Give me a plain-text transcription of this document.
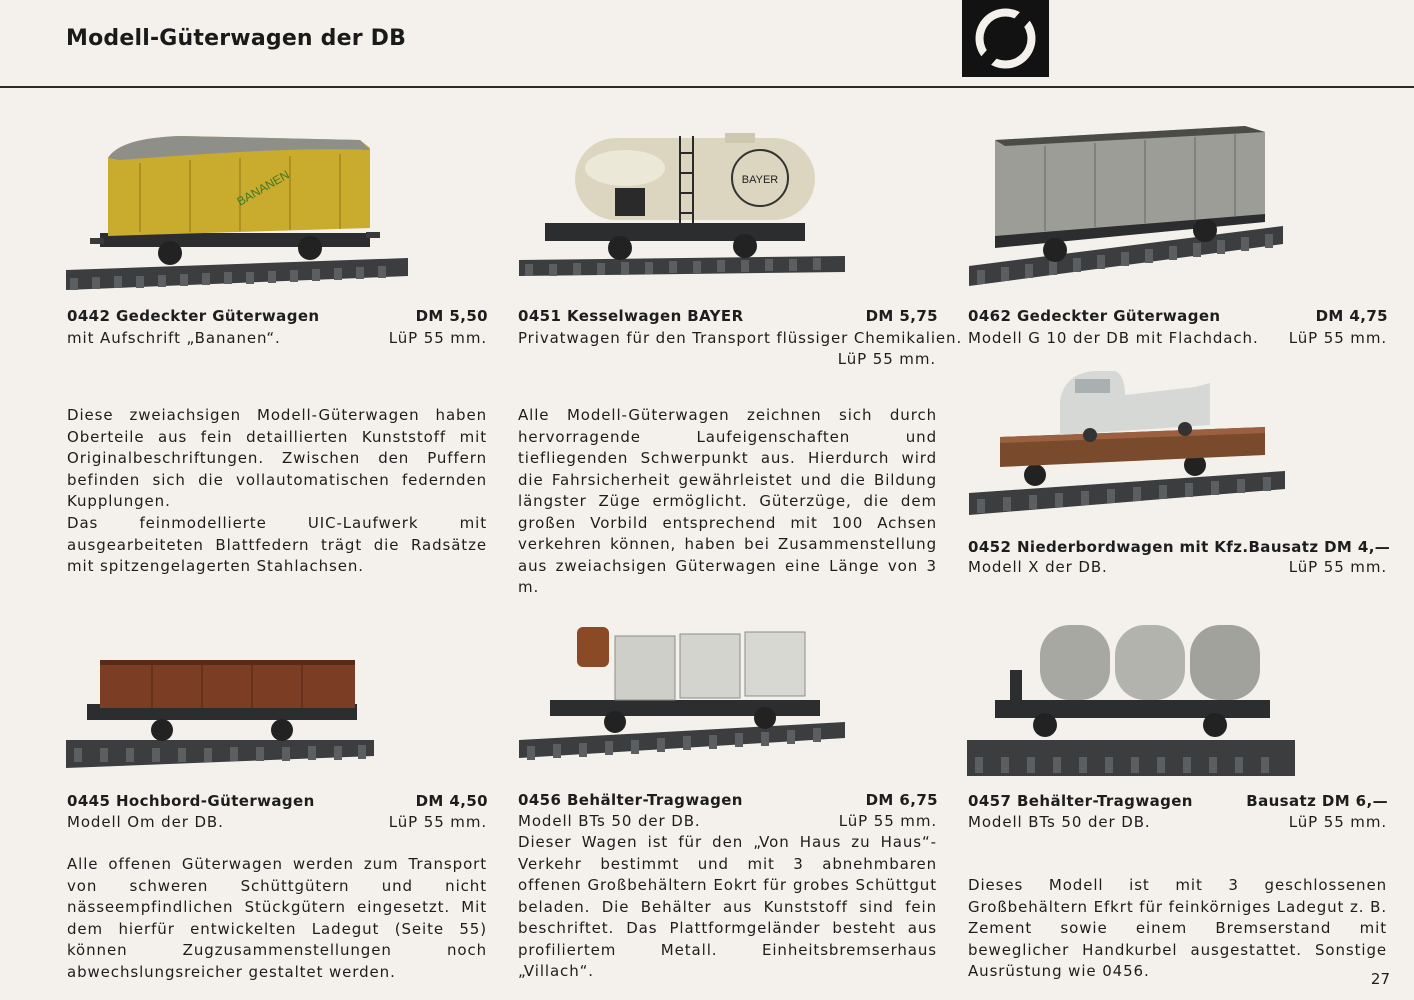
Modell-Güterwagen der DB
BANANEN	BAYER
0442 Gedeckter Güterwagen	DM 5,50
mit Aufschrift „Bananen“.	LüP 55 mm.
0451 Kesselwagen BAYER	DM 5,75
Privatwagen für den Transport flüssiger Chemikalien.
LüP 55 mm.
0462 Gedeckter Güterwagen	DM 4,75
Modell G 10 der DB mit Flachdach. LüP 55 mm.
Diese zweiachsigen Modell-Güterwagen haben Oberteile aus fein detaillierten Kunststoff mit Originalbeschriftungen. Zwischen den Puffern befinden sich die vollautomatischen federnden Kupplungen.
Das feinmodellierte UIC-Laufwerk mit ausgearbeiteten Blattfedern trägt die Radsätze mit spitzengelagerten Stahlachsen.
Alle Modell-Güterwagen zeichnen sich durch hervorragende Laufeigenschaften und tiefliegenden Schwerpunkt aus. Hierdurch wird die Fahrsicherheit gewährleistet und die Bildung längster Züge ermöglicht. Güterzüge, die dem großen Vorbild entsprechend mit 100 Achsen verkehren können, haben bei Zusammenstellung aus zweiachsigen Güterwagen eine Länge von 3 m.
0452 Niederbordwagen mit Kfz. Bausatz DM 4,—
Modell X der DB.	LüP 55 mm.
0445 Hochbord-Güterwagen	DM 4,50
Modell Om der DB.	LüP 55 mm.
Alle offenen Güterwagen werden zum Transport von schweren Schüttgütern und nicht nässeempfindlichen Stückgütern eingesetzt. Mit dem hierfür entwickelten Ladegut (Seite 55) können Zugzusammenstellungen noch abwechslungsreicher gestaltet werden.
0456 Behälter-Tragwagen	DM 6,75
Modell BTs 50 der DB.	LüP 55 mm.
Dieser Wagen ist für den „Von Haus zu Haus“-Verkehr bestimmt und mit 3 abnehmbaren offenen Großbehältern Eokrt für grobes Schüttgut beladen. Die Behälter aus Kunststoff sind fein beschriftet. Das Plattformgeländer besteht aus profiliertem Metall. Einheitsbremserhaus „Villach“.
0457 Behälter-Tragwagen	Bausatz DM 6,—
Modell BTs 50 der DB.	LüP 55 mm.
Dieses Modell ist mit 3 geschlossenen Großbehältern Efkrt für feinkörniges Ladegut z. B. Zement sowie einem Bremserstand mit beweglicher Handkurbel ausgestattet. Sonstige Ausrüstung wie 0456.	27
